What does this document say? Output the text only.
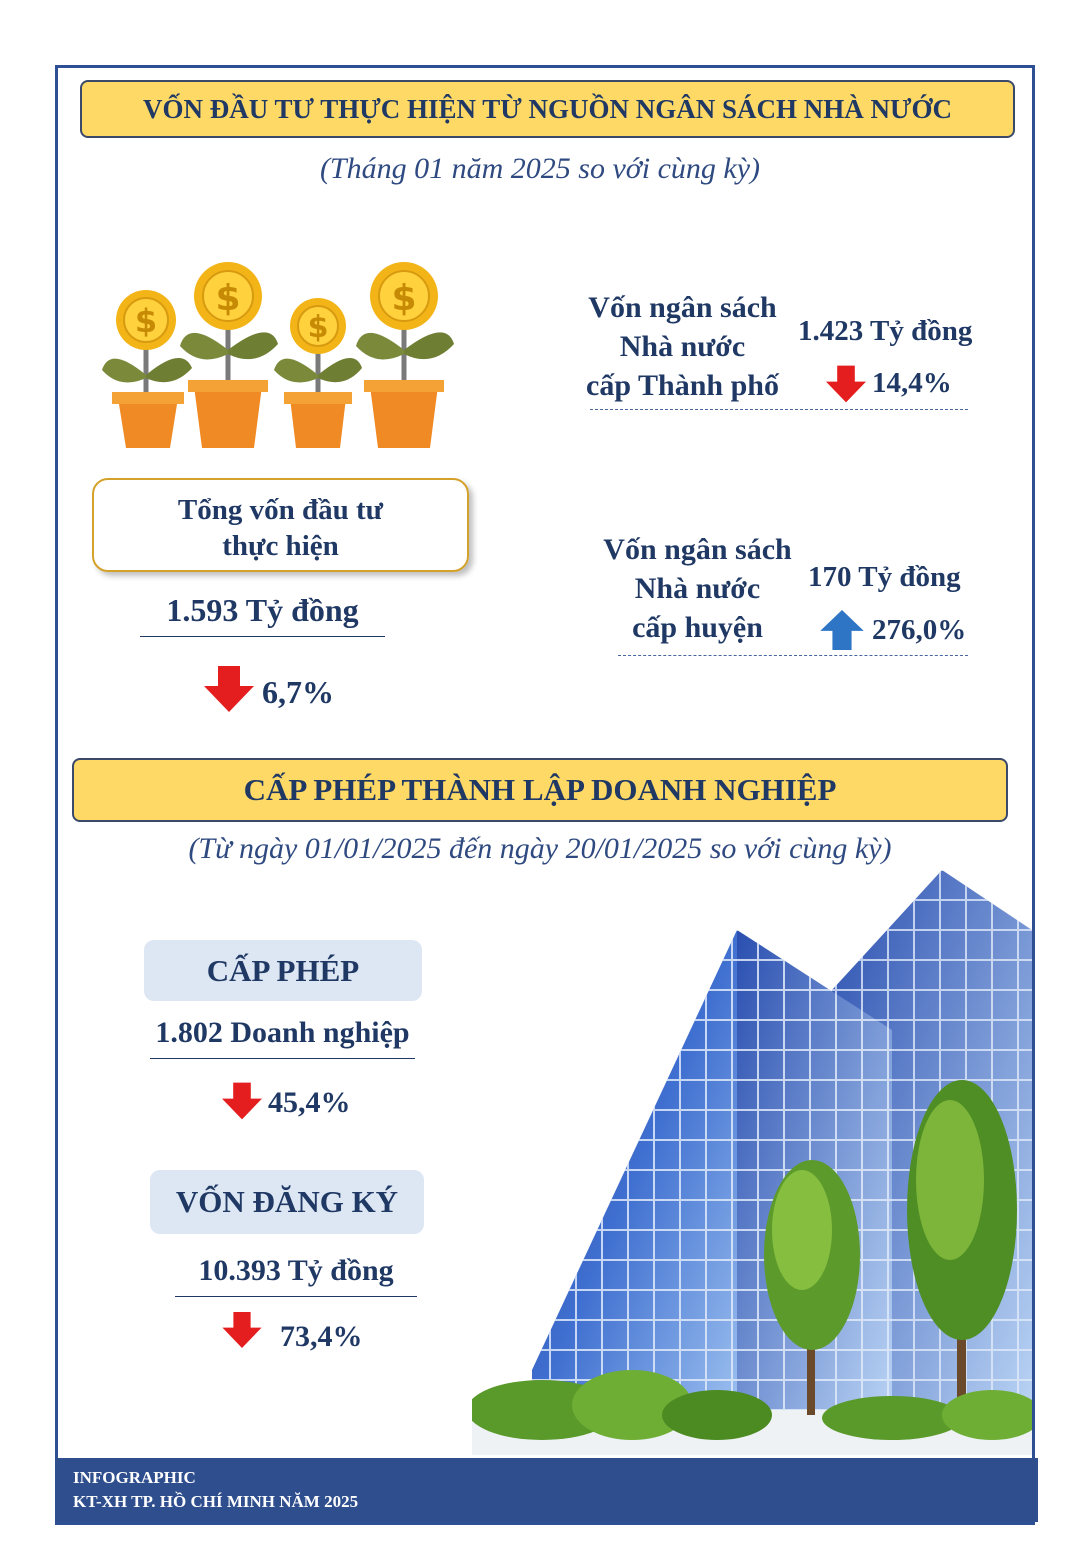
VỐN ĐẦU TƯ THỰC HIỆN TỪ NGUỒN NGÂN SÁCH NHÀ NƯỚC
(Tháng 01 năm 2025 so với cùng kỳ)
$
$
$
$
Tổng vốn đầu tư
thực hiện
1.593 Tỷ đồng
6,7%
Vốn ngân sách
Nhà nước
cấp Thành phố
1.423 Tỷ đồng
14,4%
Vốn ngân sách
Nhà nước
cấp huyện
170 Tỷ đồng
276,0%
CẤP PHÉP THÀNH LẬP DOANH NGHIỆP
(Từ ngày 01/01/2025 đến ngày 20/01/2025 so với cùng kỳ)
CẤP PHÉP
1.802 Doanh nghiệp
45,4%
VỐN ĐĂNG KÝ
10.393 Tỷ đồng
73,4%
INFOGRAPHIC
KT-XH TP. HỒ CHÍ MINH NĂM 2025
